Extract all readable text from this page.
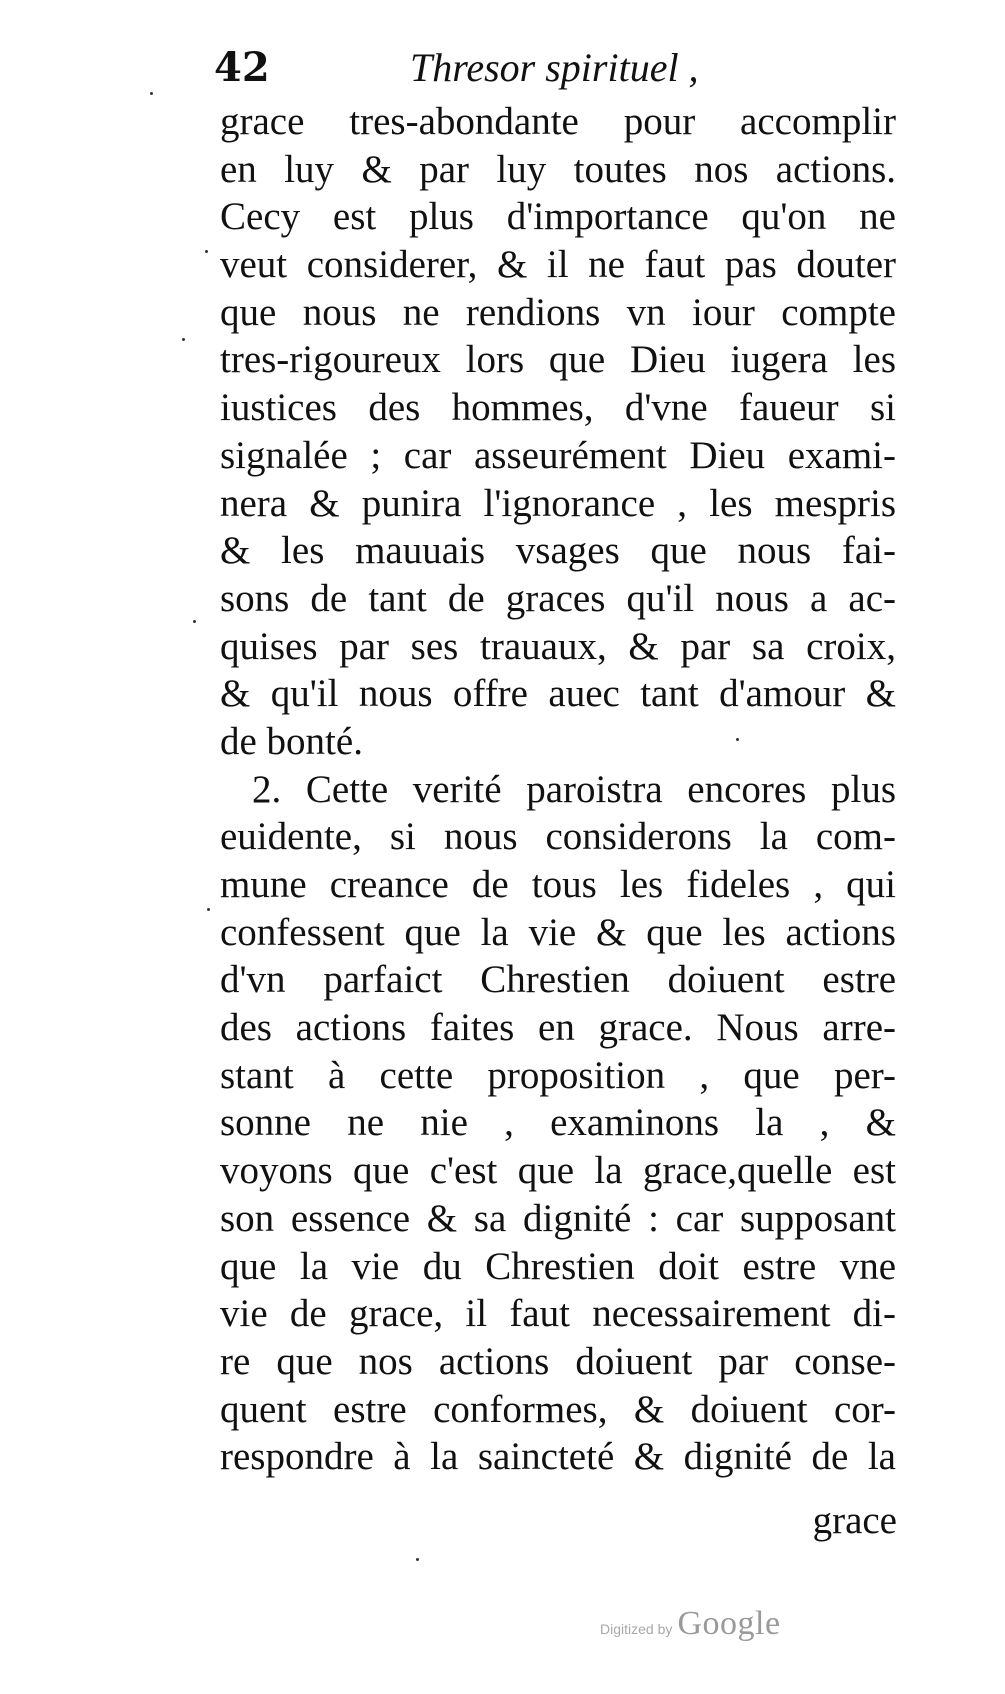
42	Thresor spirituel ,
grace tres-abondante pour accomplir
en luy & par luy toutes nos actions.
Cecy est plus d'importance qu'on ne
veut considerer, & il ne faut pas douter
que nous ne rendions vn iour compte
tres-rigoureux lors que Dieu iugera les
iustices des hommes, d'vne faueur si
signalée ; car asseurément Dieu exami-
nera & punira l'ignorance , les mespris
& les mauuais vsages que nous fai-
sons de tant de graces qu'il nous a ac-
quises par ses trauaux, & par sa croix,
& qu'il nous offre auec tant d'amour &
de bonté.
2. Cette verité paroistra encores plus
euidente, si nous considerons la com-
mune creance de tous les fideles , qui
confessent que la vie & que les actions
d'vn parfaict Chrestien doiuent estre
des actions faites en grace. Nous arre-
stant à cette proposition , que per-
sonne ne nie , examinons la , &
voyons que c'est que la grace,quelle est
son essence & sa dignité : car supposant
que la vie du Chrestien doit estre vne
vie de grace, il faut necessairement di-
re que nos actions doiuent par conse-
quent estre conformes, & doiuent cor-
respondre à la saincteté & dignité de la
grace
Digitized by Google
